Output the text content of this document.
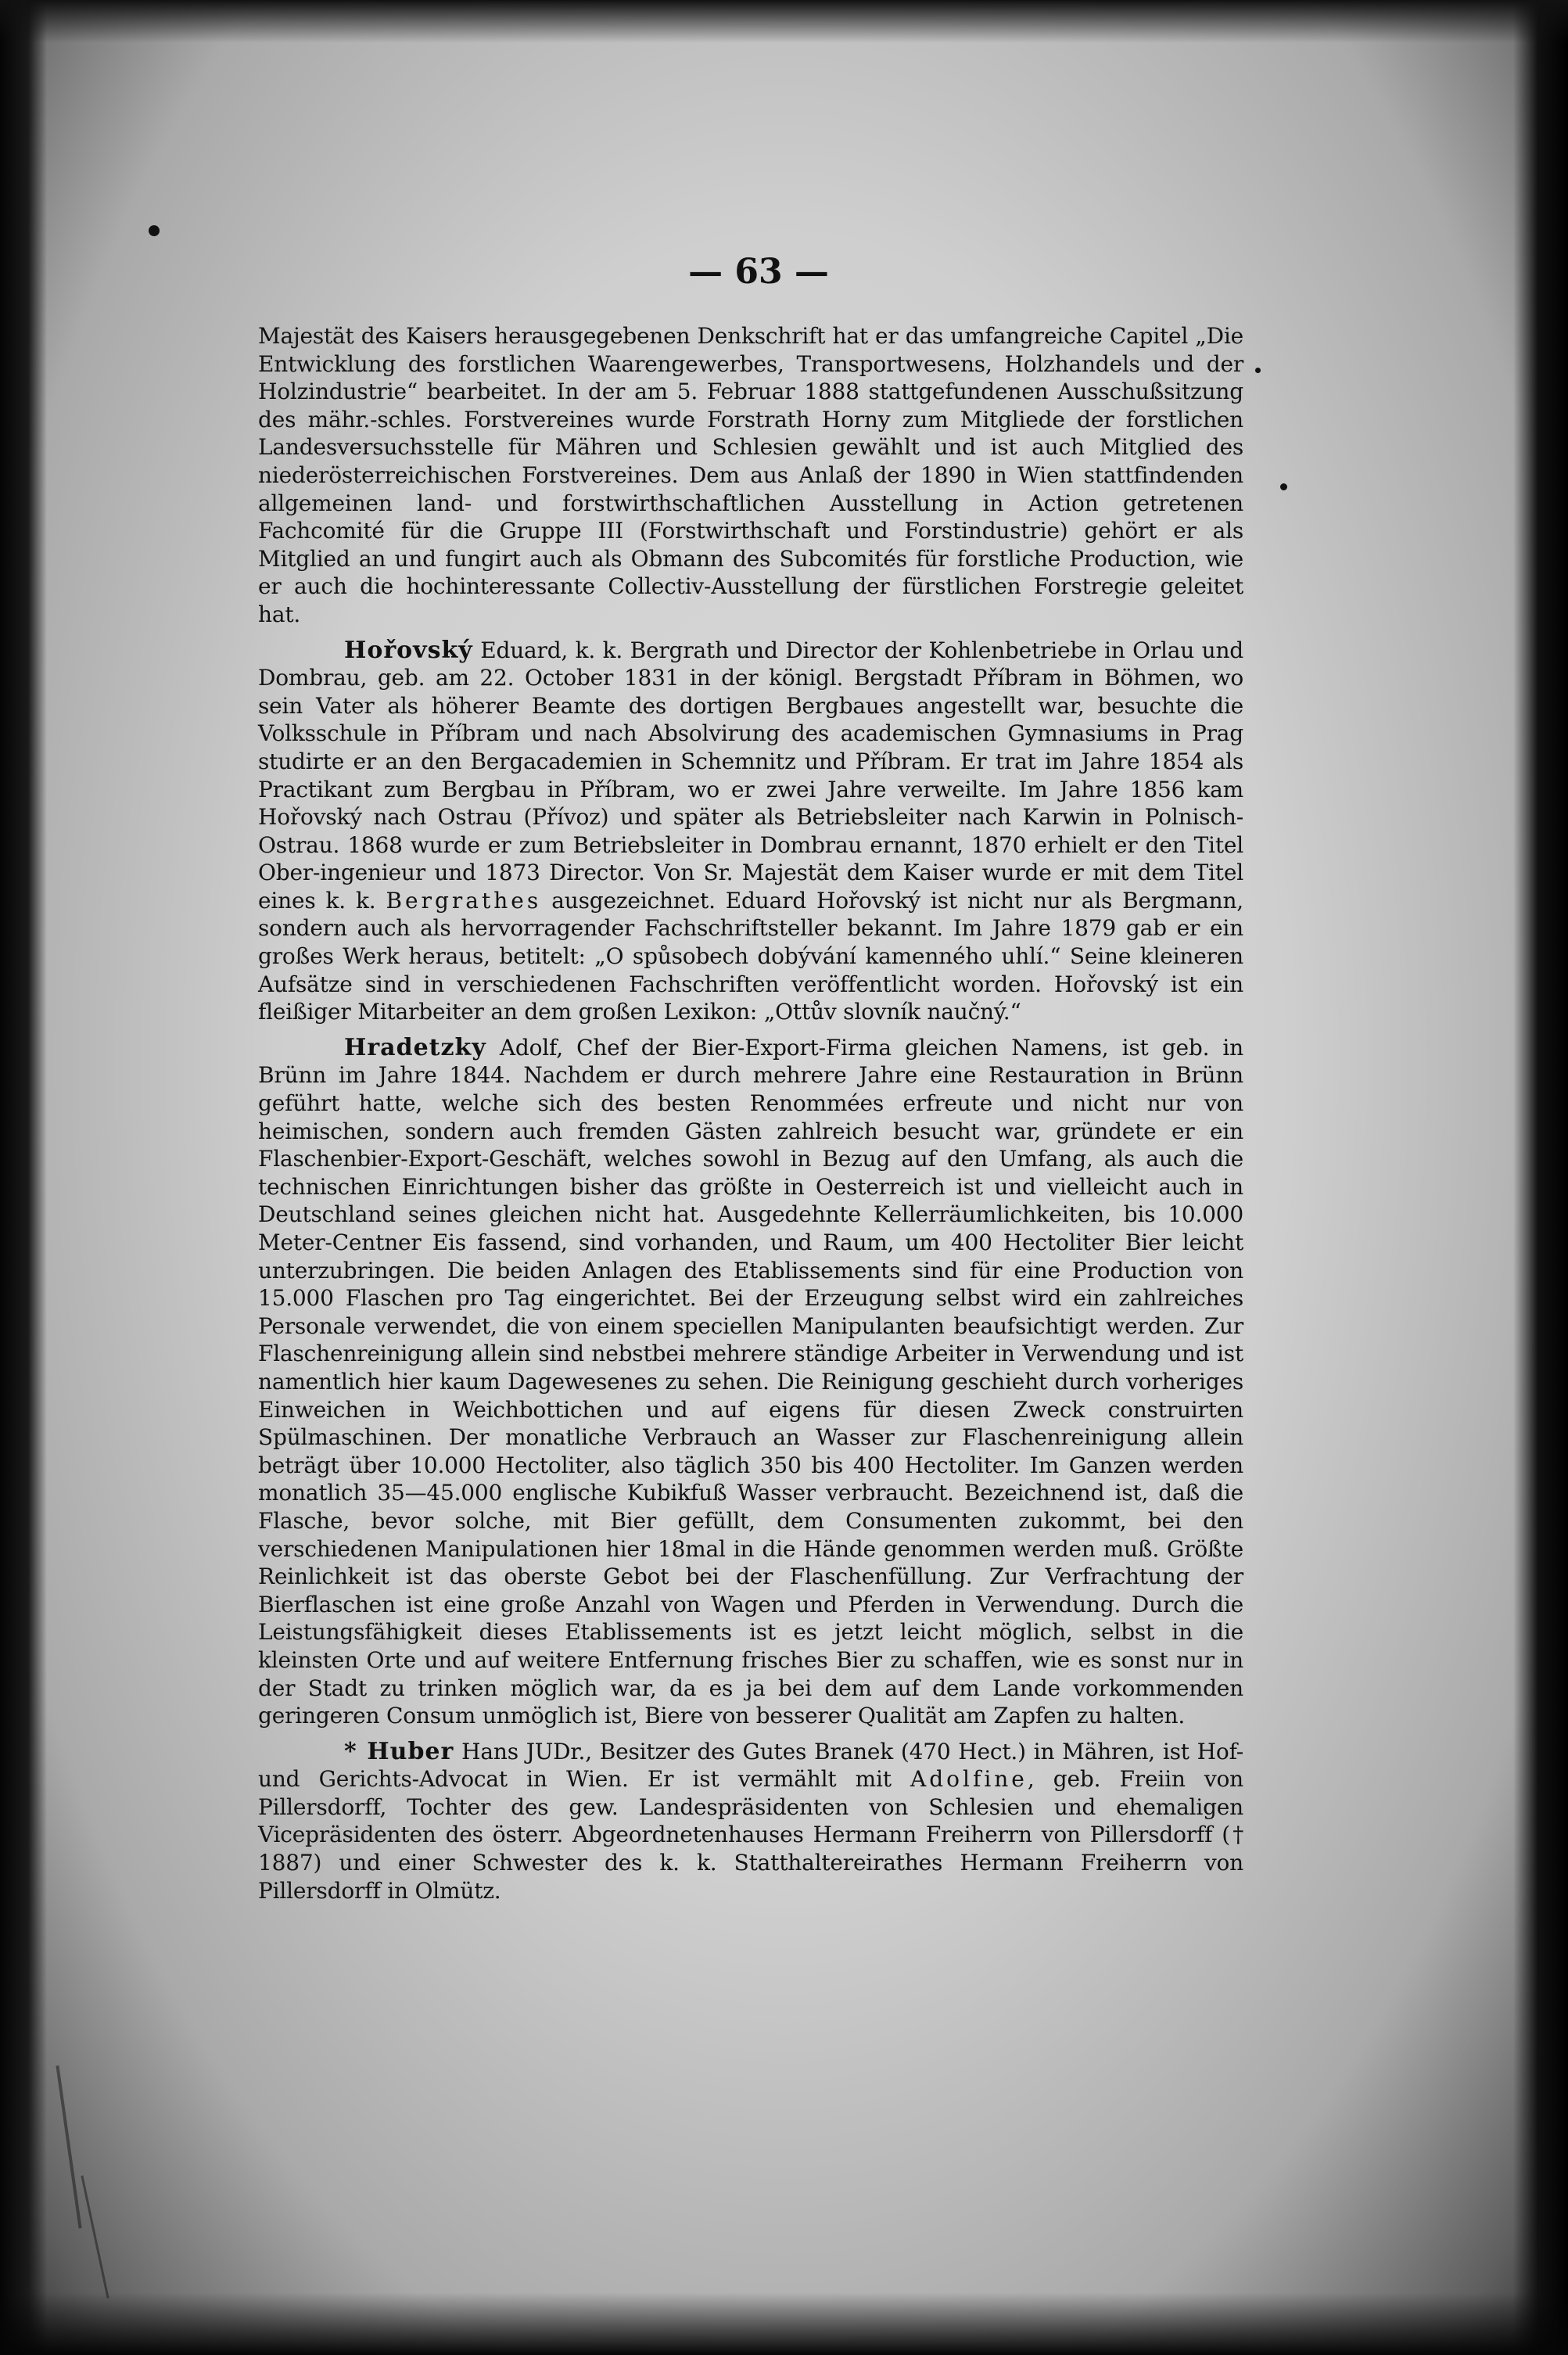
— 63 —

Majestät des Kaisers herausgegebenen Denkschrift hat er das umfangreiche Capitel „Die Entwicklung des forstlichen Waarengewerbes, Transportwesens, Holzhandels und der Holzindustrie“ bearbeitet. In der am 5. Februar 1888 stattgefundenen Ausschußsitzung des mähr.-schles. Forstvereines wurde Forstrath Horny zum Mitgliede der forstlichen Landesversuchsstelle für Mähren und Schlesien gewählt und ist auch Mitglied des niederösterreichischen Forstvereines. Dem aus Anlaß der 1890 in Wien stattfindenden allgemeinen land- und forstwirthschaftlichen Ausstellung in Action getretenen Fachcomité für die Gruppe III (Forstwirthschaft und Forstindustrie) gehört er als Mitglied an und fungirt auch als Obmann des Subcomités für forstliche Production, wie er auch die hochinteressante Collectiv-Ausstellung der fürstlichen Forstregie geleitet hat.

Hořovský Eduard, k. k. Bergrath und Director der Kohlenbetriebe in Orlau und Dombrau, geb. am 22. October 1831 in der königl. Bergstadt Příbram in Böhmen, wo sein Vater als höherer Beamte des dortigen Bergbaues angestellt war, besuchte die Volksschule in Příbram und nach Absolvirung des academischen Gymnasiums in Prag studirte er an den Bergacademien in Schemnitz und Příbram. Er trat im Jahre 1854 als Practikant zum Bergbau in Příbram, wo er zwei Jahre verweilte. Im Jahre 1856 kam Hořovský nach Ostrau (Přívoz) und später als Betriebsleiter nach Karwin in Polnisch-Ostrau. 1868 wurde er zum Betriebsleiter in Dombrau ernannt, 1870 erhielt er den Titel Ober-ingenieur und 1873 Director. Von Sr. Majestät dem Kaiser wurde er mit dem Titel eines k. k. Bergrathes ausgezeichnet. Eduard Hořovský ist nicht nur als Bergmann, sondern auch als hervorragender Fachschriftsteller bekannt. Im Jahre 1879 gab er ein großes Werk heraus, betitelt: „O spůsobech dobývání kamenného uhlí.“ Seine kleineren Aufsätze sind in verschiedenen Fachschriften veröffentlicht worden. Hořovský ist ein fleißiger Mitarbeiter an dem großen Lexikon: „Ottův slovník naučný.“

Hradetzky Adolf, Chef der Bier-Export-Firma gleichen Namens, ist geb. in Brünn im Jahre 1844. Nachdem er durch mehrere Jahre eine Restauration in Brünn geführt hatte, welche sich des besten Renommées erfreute und nicht nur von heimischen, sondern auch fremden Gästen zahlreich besucht war, gründete er ein Flaschenbier-Export-Geschäft, welches sowohl in Bezug auf den Umfang, als auch die technischen Einrichtungen bisher das größte in Oesterreich ist und vielleicht auch in Deutschland seines gleichen nicht hat. Ausgedehnte Kellerräumlichkeiten, bis 10.000 Meter-Centner Eis fassend, sind vorhanden, und Raum, um 400 Hectoliter Bier leicht unterzubringen. Die beiden Anlagen des Etablissements sind für eine Production von 15.000 Flaschen pro Tag eingerichtet. Bei der Erzeugung selbst wird ein zahlreiches Personale verwendet, die von einem speciellen Manipulanten beaufsichtigt werden. Zur Flaschenreinigung allein sind nebstbei mehrere ständige Arbeiter in Verwendung und ist namentlich hier kaum Dagewesenes zu sehen. Die Reinigung geschieht durch vorheriges Einweichen in Weichbottichen und auf eigens für diesen Zweck construirten Spülmaschinen. Der monatliche Verbrauch an Wasser zur Flaschenreinigung allein beträgt über 10.000 Hectoliter, also täglich 350 bis 400 Hectoliter. Im Ganzen werden monatlich 35—45.000 englische Kubikfuß Wasser verbraucht. Bezeichnend ist, daß die Flasche, bevor solche, mit Bier gefüllt, dem Consumenten zukommt, bei den verschiedenen Manipulationen hier 18mal in die Hände genommen werden muß. Größte Reinlichkeit ist das oberste Gebot bei der Flaschenfüllung. Zur Verfrachtung der Bierflaschen ist eine große Anzahl von Wagen und Pferden in Verwendung. Durch die Leistungsfähigkeit dieses Etablissements ist es jetzt leicht möglich, selbst in die kleinsten Orte und auf weitere Entfernung frisches Bier zu schaffen, wie es sonst nur in der Stadt zu trinken möglich war, da es ja bei dem auf dem Lande vorkommenden geringeren Consum unmöglich ist, Biere von besserer Qualität am Zapfen zu halten.

* Huber Hans JUDr., Besitzer des Gutes Branek (470 Hect.) in Mähren, ist Hof- und Gerichts-Advocat in Wien. Er ist vermählt mit Adolfine, geb. Freiin von Pillersdorff, Tochter des gew. Landespräsidenten von Schlesien und ehemaligen Vicepräsidenten des österr. Abgeordnetenhauses Hermann Freiherrn von Pillersdorff († 1887) und einer Schwester des k. k. Statthaltereirathes Hermann Freiherrn von Pillersdorff in Olmütz.
